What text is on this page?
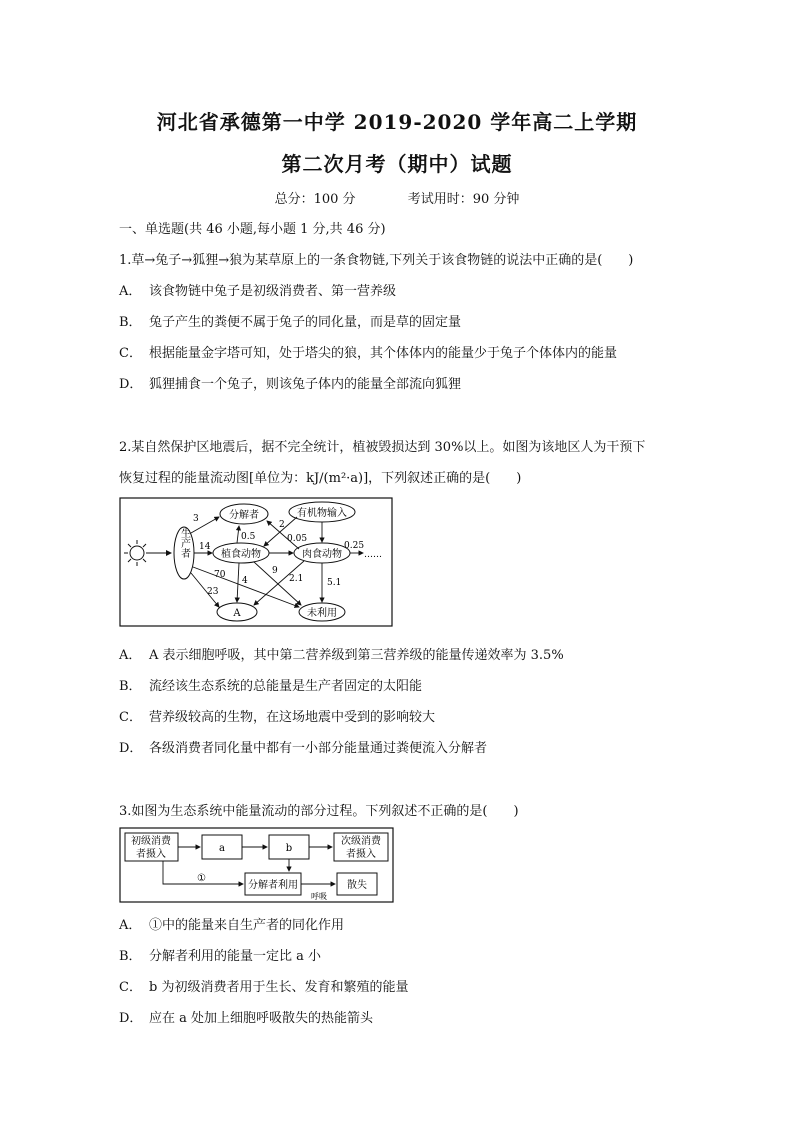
河北省承德第一中学 2019-2020 学年高二上学期
第二次月考（期中）试题
总分：100 分	考试用时：90 分钟
一、单选题(共 46 小题,每小题 1 分,共 46 分)
1.草→兔子→狐狸→狼为某草原上的一条食物链,下列关于该食物链的说法中正确的是(　　)
A． 该食物链中兔子是初级消费者、第一营养级
B． 兔子产生的粪便不属于兔子的同化量，而是草的固定量
C． 根据能量金字塔可知，处于塔尖的狼，其个体体内的能量少于兔子个体体内的能量
D． 狐狸捕食一个兔子，则该兔子体内的能量全部流向狐狸
2.某自然保护区地震后，据不完全统计，植被毁损达到 30%以上。如图为该地区人为干预下
恢复过程的能量流动图[单位为：kJ/(m²·a)]，下列叙述正确的是(　　)
生产者
分解者	有机物输入
植食动物	肉食动物
A	未利用
3
14
23
70
0.5
2
0.05
0.25
……
4
9
2.1	5.1
A． A 表示细胞呼吸，其中第二营养级到第三营养级的能量传递效率为 3.5%
B． 流经该生态系统的总能量是生产者固定的太阳能
C． 营养级较高的生物，在这场地震中受到的影响较大
D． 各级消费者同化量中都有一小部分能量通过粪便流入分解者
3.如图为生态系统中能量流动的部分过程。下列叙述不正确的是(　　)
初级消费
者摄入
a	b
次级消费
者摄入
分解者利用	散失
①
呼吸
A． ①中的能量来自生产者的同化作用
B． 分解者利用的能量一定比 a 小
C． b 为初级消费者用于生长、发育和繁殖的能量
D． 应在 a 处加上细胞呼吸散失的热能箭头
